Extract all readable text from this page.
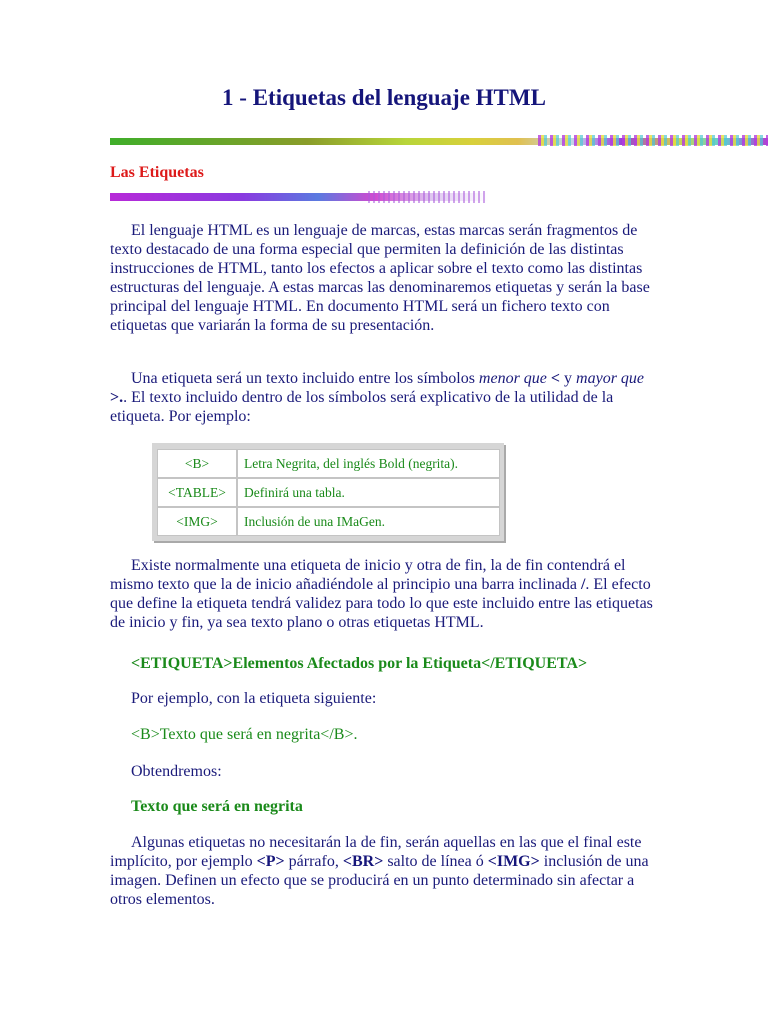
1 - Etiquetas del lenguaje HTML
Las Etiquetas

El lenguaje HTML es un lenguaje de marcas, estas marcas serán fragmentos de texto destacado de una forma especial que permiten la definición de las distintas instrucciones de HTML, tanto los efectos a aplicar sobre el texto como las distintas estructuras del lenguaje. A estas marcas las denominaremos etiquetas y serán la base principal del lenguaje HTML. En documento HTML será un fichero texto con etiquetas que variarán la forma de su presentación.

Una etiqueta será un texto incluido entre los símbolos menor que < y mayor que >.. El texto incluido dentro de los símbolos será explicativo de la utilidad de la etiqueta. Por ejemplo:

<B>	Letra Negrita, del inglés Bold (negrita).
<TABLE>	Definirá una tabla.
<IMG>	Inclusión de una IMaGen.

Existe normalmente una etiqueta de inicio y otra de fin, la de fin contendrá el mismo texto que la de inicio añadiéndole al principio una barra inclinada /. El efecto que define la etiqueta tendrá validez para todo lo que este incluido entre las etiquetas de inicio y fin, ya sea texto plano o otras etiquetas HTML.

<ETIQUETA>Elementos Afectados por la Etiqueta</ETIQUETA>

Por ejemplo, con la etiqueta siguiente:

<B>Texto que será en negrita</B>.

Obtendremos:

Texto que será en negrita

Algunas etiquetas no necesitarán la de fin, serán aquellas en las que el final este implícito, por ejemplo <P> párrafo, <BR> salto de línea ó <IMG> inclusión de una imagen. Definen un efecto que se producirá en un punto determinado sin afectar a otros elementos.
